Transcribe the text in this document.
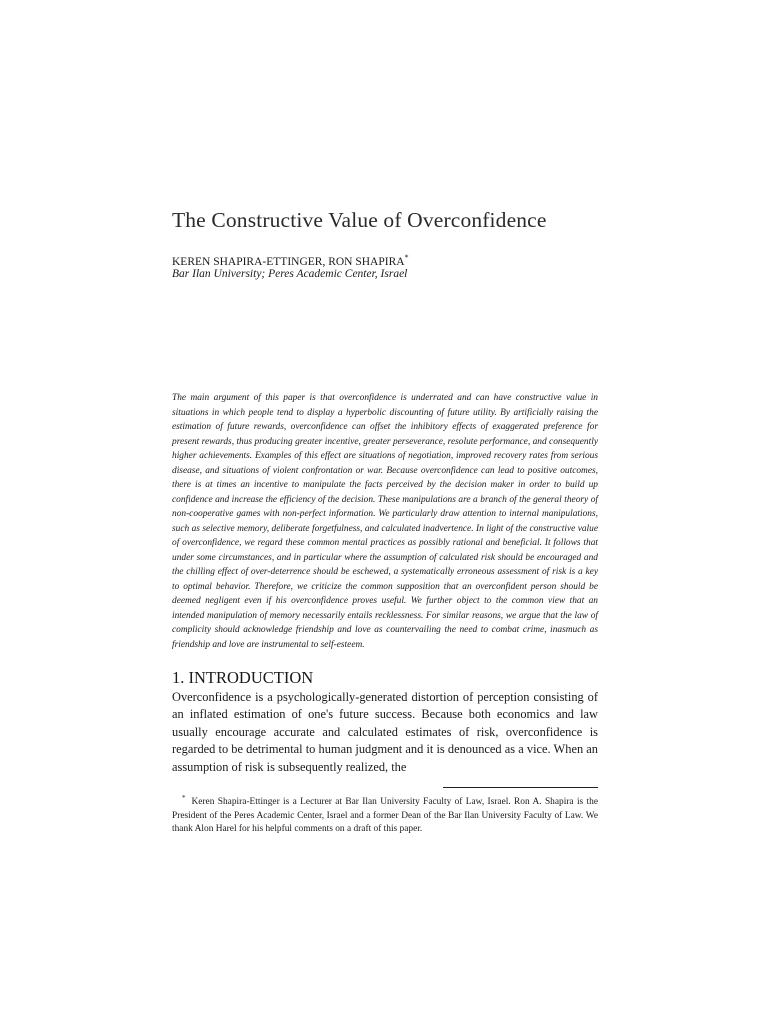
The Constructive Value of Overconfidence
KEREN SHAPIRA-ETTINGER, RON SHAPIRA*
Bar Ilan University; Peres Academic Center, Israel

The main argument of this paper is that overconfidence is underrated and can have constructive value in situations in which people tend to display a hyperbolic discounting of future utility. By artificially raising the estimation of future rewards, overconfidence can offset the inhibitory effects of exaggerated preference for present rewards, thus producing greater incentive, greater perseverance, resolute performance, and consequently higher achievements. Examples of this effect are situations of negotiation, improved recovery rates from serious disease, and situations of violent confrontation or war. Because overconfidence can lead to positive outcomes, there is at times an incentive to manipulate the facts perceived by the decision maker in order to build up confidence and increase the efficiency of the decision. These manipulations are a branch of the general theory of non-cooperative games with non-perfect information. We particularly draw attention to internal manipulations, such as selective memory, deliberate forgetfulness, and calculated inadvertence. In light of the constructive value of overconfidence, we regard these common mental practices as possibly rational and beneficial. It follows that under some circumstances, and in particular where the assumption of calculated risk should be encouraged and the chilling effect of over-deterrence should be eschewed, a systematically erroneous assessment of risk is a key to optimal behavior. Therefore, we criticize the common supposition that an overconfident person should be deemed negligent even if his overconfidence proves useful. We further object to the common view that an intended manipulation of memory necessarily entails recklessness. For similar reasons, we argue that the law of complicity should acknowledge friendship and love as countervailing the need to combat crime, inasmuch as friendship and love are instrumental to self-esteem.

1. INTRODUCTION

Overconfidence is a psychologically-generated distortion of perception consisting of an inflated estimation of one's future success. Because both economics and law usually encourage accurate and calculated estimates of risk, overconfidence is regarded to be detrimental to human judgment and it is denounced as a vice. When an assumption of risk is subsequently realized, the

* Keren Shapira-Ettinger is a Lecturer at Bar Ilan University Faculty of Law, Israel. Ron A. Shapira is the President of the Peres Academic Center, Israel and a former Dean of the Bar Ilan University Faculty of Law. We thank Alon Harel for his helpful comments on a draft of this paper.
